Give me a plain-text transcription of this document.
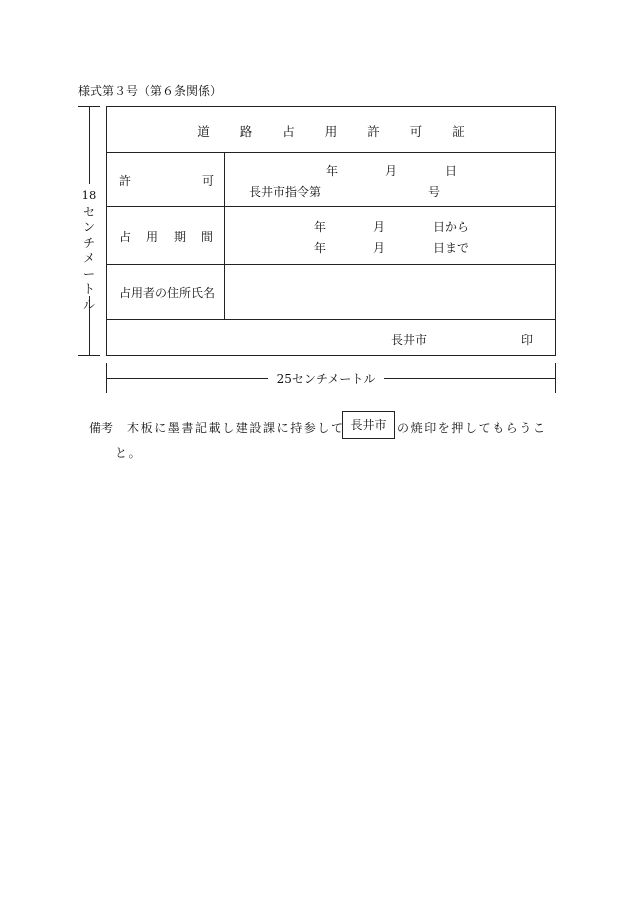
様式第３号（第６条関係）
18
セ
ン
チ
メ
ー
ト
ル
道 路 占 用 許 可 証
許	可
年	月	日
長井市指令第	号
占 用 期 間
年	月	日から
年	月	日まで
占用者の住所氏名
長井市	印
25センチメートル
備考 木板に墨書記載し建設課に持参して 長井市 の焼印を押してもらうこ
と。
